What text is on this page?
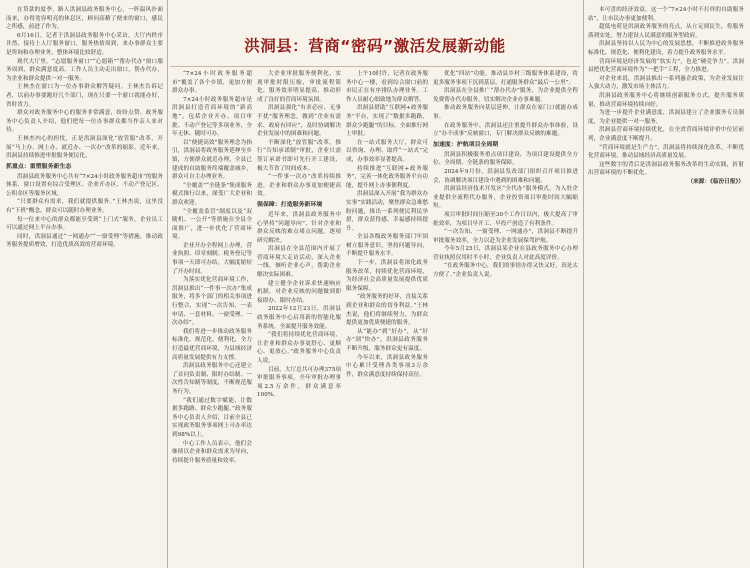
洪洞县：营商“密码”激活发展新动能

在贷款的度季，路人洪洞县政务服务中心，一阵温风扑面而来，办得宽容明亮的休息区，顾问高精了便来的窗口，感民之所感，前进了作为。

6月16日，记者于洪洞县政务服务中心采访，大厅内秩序井然，接待上人厅服务窗口，服务热情周到，来办事群众主要是咨询和办理业务，整体环境比较舒适。

现代大厅里，“志愿服务窗口”“心愿箱”“帮办代办”窗口服务周到，群众满意度高。工作人员主动走出窗口，帮办代办，为企业和群众提供一对一服务。

王林杰在窗口为一位办事群众解答疑问。王林杰告诉记者，以前办事要跑好几个部门，现在只要一个窗口就能办好，省时省力。

群众对政务服务中心的服务非常满意，纷纷点赞。政务服务中心负责人介绍，他们把每一位办事群众都当作亲人来对待。

王林杰内心的担忧，正是洪洞县深化“放管服”改革，开展“马上办、网上办、就近办、一次办”改革的缩影。近年来，洪洞县持续推进审批服务便民化。

抓重点：重塑服务新生态

洪洞县政务服务中心共有“7×24小时政务服务超市”的服务体系，窗口设置有综合受理区、企业开办区、不动产登记区、公积金区等服务区域。

“只要群众有需求，我们就提供服务。”王林杰说，这里没有“下班”概念，群众可以随时办理业务。

每一位来中心的群众都能享受到“上门式”服务，企业员工可以通过网上平台办事。

同时，洪洞县通过“一网通办”“一窗受理”等措施，推动政务服务提质增效，打造优质高效的营商环境。

“7×24小时政务服务超市”覆盖了各个乡镇，更加方便群众办事。

7×24小时政务服务超市是洪洞县打造营商环境的“新高地”，包括企业开办、项目审批、不动产登记等多项业务，全年无休、随时可办。

以“便捷高效”服务理念为指引，洪洞县将政务服务延伸至乡镇，方便群众就近办理，全县已建成的自助服务终端覆盖城乡，群众可自主办理业务。

“全覆盖”“全链条”集成服务模式推行以来，深受广大企业和群众欢迎。

“全覆盖监管”制度以及“双随机、一公开”等措施在全县全面推广，进一步优化了营商环境。

企业开办全程网上办理，营业执照、印章刻制、税务登记等事项一天即可办结，大幅度缩短了开办时间。

为落实优化营商环境工作，洪洞县推出“一件事一次办”集成服务，将多个部门的相关事项进行整合，实现“一次告知、一表申请、一套材料、一窗受理、一次办结”。

我们将进一步推动政务服务标准化、规范化、便利化，全力打造最优营商环境，为县域经济高质量发展提供有力支撑。

洪洞县政务服务中心还建立了首问负责制、限时办结制、一次性告知制等制度，不断规范服务行为。

“我们通过数字赋能，让数据多跑路、群众少跑腿。”政务服务中心负责人介绍，目前全县已实现政务服务事项网上可办率达到98%以上。

中心工作人员表示，他们会继续以企业和群众需求为导向，持续提升服务质量和效率。

大企业审批服务便利化，实现审批时限压缩，审批流程简化，服务效率明显提高，推动形成了良好的营商环境氛围。

洪洞县强化“有求必应、无事不扰”服务理念，做到“企业有需求、政府有回应”，及时协调解决企业发展中的困难和问题。

不断深化“放管服”改革，推行“告知承诺制”审批，企业只需签订承诺书即可先行开工建设，极大节省了时间成本。

“一件事一次办”改革持续推进，企业和群众办事更加便捷高效。

强保障：打造服务新环境

近年来，洪洞县政务服务中心坚持“问题导向”，针对企业和群众反映的难点堵点问题，逐项研究解决。

洪洞县在全县范围内开展了营商环境大走访活动，深入企业一线，倾听企业心声，帮助企业解决实际困难。

建立健全企业诉求快速响应机制，对企业反映的问题做到即接即办、限时办结。

2022年12月23日，洪洞县政务服务中心启用新的智能化服务系统，全面提升服务效能。

“我们将持续优化营商环境，让企业和群众办事更舒心、更顺心、更放心。”政务服务中心负责人说。

目前，大厅总共可办理375项审批服务事项，全年审批办理事项2.5万余件，群众满意率100%。

上午10时许，记者在政务服务中心一楼，看到综合窗口前的市民正在有序排队办理业务。工作人员耐心细致地为群众解答。

洪洞县借助“互联网+政务服务”平台，实现了“数据多跑路，群众少跑腿”的目标，全面推行网上审批。

在一站式服务大厅，群众可以咨询、办理、取件“一站式”完成，办事效率显著提高。

持续推进“互联网+政务服务”，完善一体化政务服务平台功能，提升网上办事便利度。

洪洞县深入开展“我为群众办实事”实践活动，聚焦群众急难愁盼问题，推出一系列便民利民举措，群众获得感、幸福感持续提升。

全县各级政务服务部门牢固树立服务意识，坚持问题导向，不断提升服务水平。

下一步，洪洞县将深化政务服务改革，持续优化营商环境，为经济社会高质量发展提供优质服务保障。

“政务服务的好坏，直接关系到企业和群众的切身利益。”王林杰说，他们将继续努力，为群众提供更加优质便捷的服务。

从“能办”到“好办”，从“好办”到“快办”，洪洞县政务服务不断升级，服务群众更有温度。

今年以来，洪洞县政务服务中心累计受理各类事项3万余件，群众满意度持续保持高位。

本可喜的经济效益，这一个“7×24小时不打烊的自助服务站”，让市民办事更加便利。

超低电荷是洪洞政务服务的亮点，从立足到民生，将服务落到实处，努力建设人民满意的服务型政府。

洪洞县坚持以人民为中心的发展思想，不断推进政务服务标准化、规范化、便利化建设，着力提升政务服务水平。

营商环境是经济发展的“软实力”，也是“硬竞争力”。洪洞县把优化营商环境作为“一把手”工程，全力推进。

对企业来说，洪洞县推出一系列惠企政策，为企业发展注入强大动力，激发市场主体活力。

洪洞县政务服务中心将继续创新服务方式，提升服务质量，推动营商环境持续向好。

为进一步提升企业满意度，洪洞县建立了企业服务专员制度，为企业提供一对一服务。

洪洞县营商环境持续优化，在全省营商环境评价中位居前列，企业满意度不断提升。

“营商环境就是生产力”，洪洞县将持续深化改革，不断优化营商环境，推动县域经济高质量发展。

这些数字的背后是洪洞县政务服务改革的生动实践，折射出营商环境的不断优化。

（来源：《临汾日报》）

优化“四站”功能，推动县乡村三级服务体系建设，将更多服务事项下沉到基层，打通服务群众“最后一公里”。

洪洞县在全县推广“帮办代办”服务，为企业提供全程免费帮办代办服务，切实解决企业办事难题。

推动政务服务向基层延伸，让群众在家门口就能办成事。

在政务服务中，洪洞县还注重提升群众办事体验，设立“办不成事”反映窗口，专门解决群众反映的难题。

加速度：护航项目全周期

洪洞县积极服务重点项目建设，为项目建设提供全方位、全周期、全链条的服务保障。

2024年9月份，洪洞县发改部门组织召开项目推进会，协调解决项目建设中遇到的困难和问题。

洪洞县经济技术开发区“全代办”服务模式，为入驻企业提供全流程代办服务，企业投资项目审批时间大幅缩短。

项目审批时间压缩至30个工作日以内，极大提高了审批效率，为项目早开工、早投产创造了有利条件。

“一次告知、一窗受理、一网通办”，洪洞县不断提升审批服务效率，全力以赴为企业发展保驾护航。

今年5月25日，洪洞县某企业在县政务服务中心办理营业执照仅用时半小时，企业负责人对此高度评价。

“在政务服务中心，我们的事情办得又快又好，真是太方便了。”企业负责人说。
